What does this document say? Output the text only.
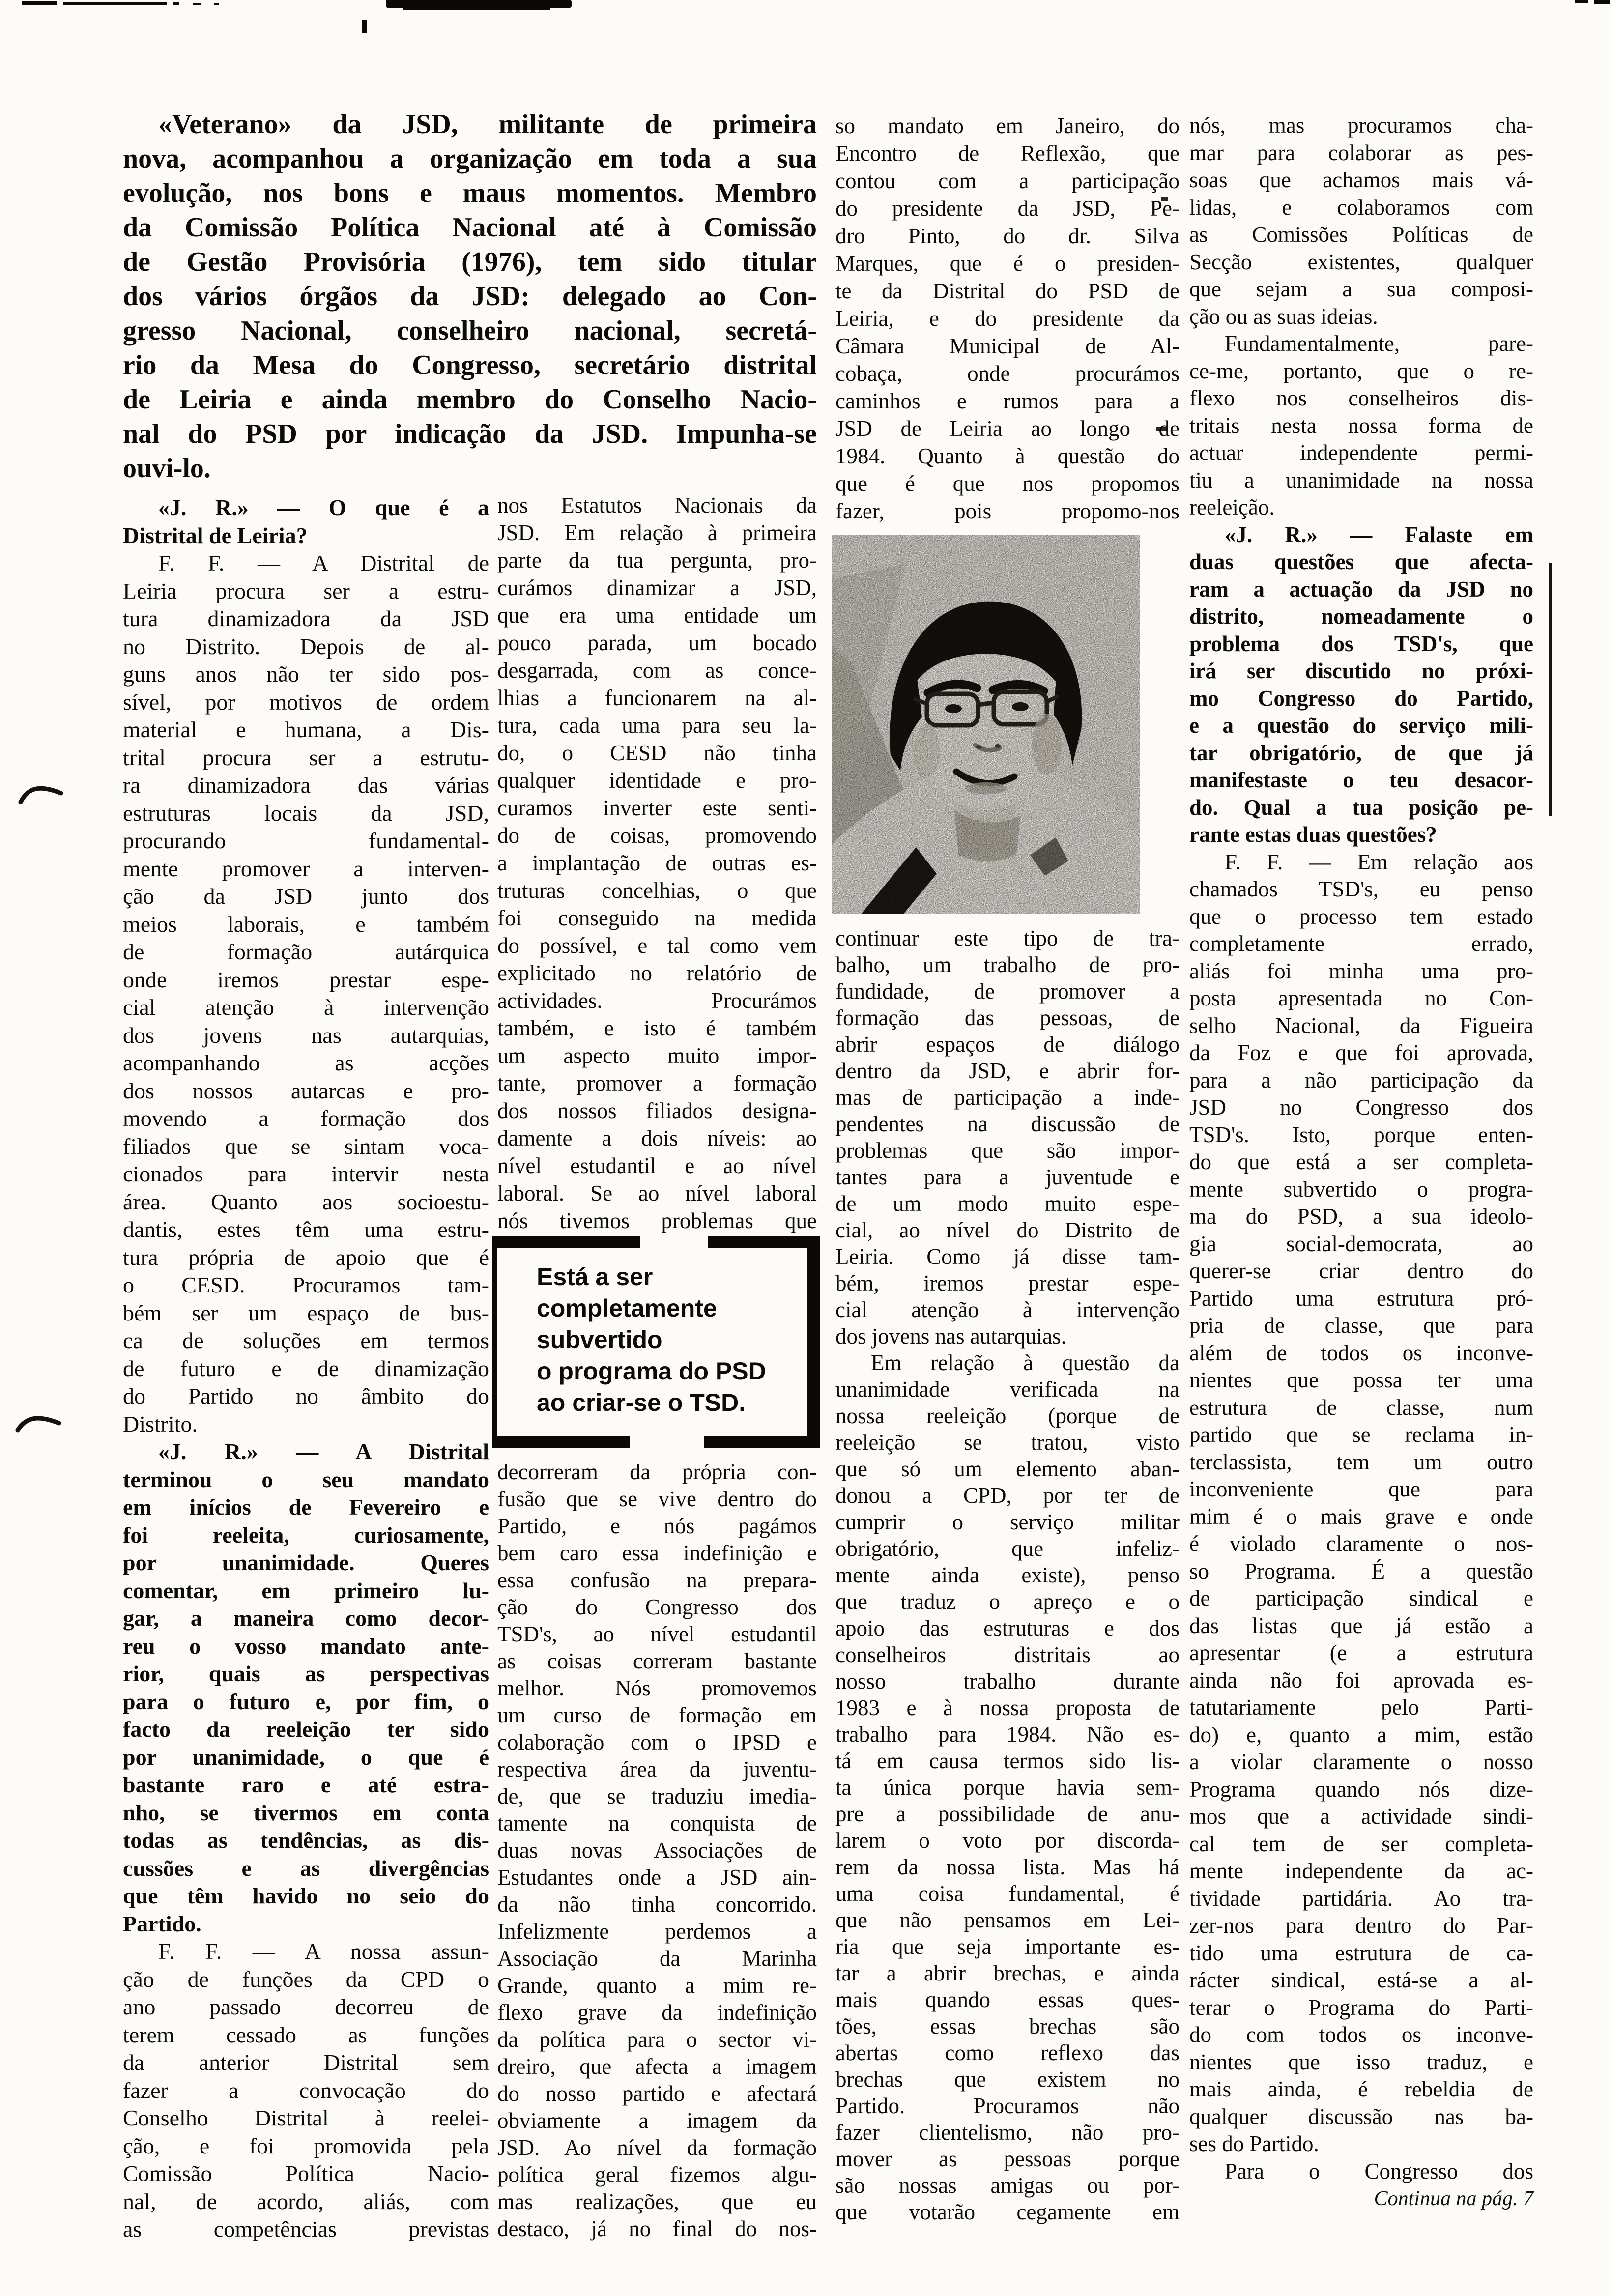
«Veterano» da JSD, militante de primeira
nova, acompanhou a organização em toda a sua
evolução, nos bons e maus momentos. Membro
da Comissão Política Nacional até à Comissão
de Gestão Provisória (1976), tem sido titular
dos vários órgãos da JSD: delegado ao Con-
gresso Nacional, conselheiro nacional, secretá-
rio da Mesa do Congresso, secretário distrital
de Leiria e ainda membro do Conselho Nacio-
nal do PSD por indicação da JSD. Impunha-se
ouvi-lo.
«J. R.» — O que é a
Distrital de Leiria?
F. F. — A Distrital de
Leiria procura ser a estru-
tura dinamizadora da JSD
no Distrito. Depois de al-
guns anos não ter sido pos-
sível, por motivos de ordem
material e humana, a Dis-
trital procura ser a estrutu-
ra dinamizadora das várias
estruturas locais da JSD,
procurando fundamental-
mente promover a interven-
ção da JSD junto dos
meios laborais, e também
de formação autárquica
onde iremos prestar espe-
cial atenção à intervenção
dos jovens nas autarquias,
acompanhando as acções
dos nossos autarcas e pro-
movendo a formação dos
filiados que se sintam voca-
cionados para intervir nesta
área. Quanto aos socioestu-
dantis, estes têm uma estru-
tura própria de apoio que é
o CESD. Procuramos tam-
bém ser um espaço de bus-
ca de soluções em termos
de futuro e de dinamização
do Partido no âmbito do
Distrito.
«J. R.» — A Distrital
terminou o seu mandato
em inícios de Fevereiro e
foi reeleita, curiosamente,
por unanimidade. Queres
comentar, em primeiro lu-
gar, a maneira como decor-
reu o vosso mandato ante-
rior, quais as perspectivas
para o futuro e, por fim, o
facto da reeleição ter sido
por unanimidade, o que é
bastante raro e até estra-
nho, se tivermos em conta
todas as tendências, as dis-
cussões e as divergências
que têm havido no seio do
Partido.
F. F. — A nossa assun-
ção de funções da CPD o
ano passado decorreu de
terem cessado as funções
da anterior Distrital sem
fazer a convocação do
Conselho Distrital à reelei-
ção, e foi promovida pela
Comissão Política Nacio-
nal, de acordo, aliás, com
as competências previstas
nos Estatutos Nacionais da
JSD. Em relação à primeira
parte da tua pergunta, pro-
curámos dinamizar a JSD,
que era uma entidade um
pouco parada, um bocado
desgarrada, com as conce-
lhias a funcionarem na al-
tura, cada uma para seu la-
do, o CESD não tinha
qualquer identidade e pro-
curamos inverter este senti-
do de coisas, promovendo
a implantação de outras es-
truturas concelhias, o que
foi conseguido na medida
do possível, e tal como vem
explicitado no relatório de
actividades. Procurámos
também, e isto é também
um aspecto muito impor-
tante, promover a formação
dos nossos filiados designa-
damente a dois níveis: ao
nível estudantil e ao nível
laboral. Se ao nível laboral
nós tivemos problemas que
Está a ser
completamente
subvertido
o programa do PSD
ao criar-se o TSD.
decorreram da própria con-
fusão que se vive dentro do
Partido, e nós pagámos
bem caro essa indefinição e
essa confusão na prepara-
ção do Congresso dos
TSD's, ao nível estudantil
as coisas correram bastante
melhor. Nós promovemos
um curso de formação em
colaboração com o IPSD e
respectiva área da juventu-
de, que se traduziu imedia-
tamente na conquista de
duas novas Associações de
Estudantes onde a JSD ain-
da não tinha concorrido.
Infelizmente perdemos a
Associação da Marinha
Grande, quanto a mim re-
flexo grave da indefinição
da política para o sector vi-
dreiro, que afecta a imagem
do nosso partido e afectará
obviamente a imagem da
JSD. Ao nível da formação
política geral fizemos algu-
mas realizações, que eu
destaco, já no final do nos-
so mandato em Janeiro, do
Encontro de Reflexão, que
contou com a participação
do presidente da JSD, Pe-
dro Pinto, do dr. Silva
Marques, que é o presiden-
te da Distrital do PSD de
Leiria, e do presidente da
Câmara Municipal de Al-
cobaça, onde procurámos
caminhos e rumos para a
JSD de Leiria ao longo de
1984. Quanto à questão do
que é que nos propomos
fazer, pois propomo-nos
continuar este tipo de tra-
balho, um trabalho de pro-
fundidade, de promover a
formação das pessoas, de
abrir espaços de diálogo
dentro da JSD, e abrir for-
mas de participação a inde-
pendentes na discussão de
problemas que são impor-
tantes para a juventude e
de um modo muito espe-
cial, ao nível do Distrito de
Leiria. Como já disse tam-
bém, iremos prestar espe-
cial atenção à intervenção
dos jovens nas autarquias.
Em relação à questão da
unanimidade verificada na
nossa reeleição (porque de
reeleição se tratou, visto
que só um elemento aban-
donou a CPD, por ter de
cumprir o serviço militar
obrigatório, que infeliz-
mente ainda existe), penso
que traduz o apreço e o
apoio das estruturas e dos
conselheiros distritais ao
nosso trabalho durante
1983 e à nossa proposta de
trabalho para 1984. Não es-
tá em causa termos sido lis-
ta única porque havia sem-
pre a possibilidade de anu-
larem o voto por discorda-
rem da nossa lista. Mas há
uma coisa fundamental, é
que não pensamos em Lei-
ria que seja importante es-
tar a abrir brechas, e ainda
mais quando essas ques-
tões, essas brechas são
abertas como reflexo das
brechas que existem no
Partido. Procuramos não
fazer clientelismo, não pro-
mover as pessoas porque
são nossas amigas ou por-
que votarão cegamente em
nós, mas procuramos cha-
mar para colaborar as pes-
soas que achamos mais vá-
lidas, e colaboramos com
as Comissões Políticas de
Secção existentes, qualquer
que sejam a sua composi-
ção ou as suas ideias.
Fundamentalmente, pare-
ce-me, portanto, que o re-
flexo nos conselheiros dis-
tritais nesta nossa forma de
actuar independente permi-
tiu a unanimidade na nossa
reeleição.
«J. R.» — Falaste em
duas questões que afecta-
ram a actuação da JSD no
distrito, nomeadamente o
problema dos TSD's, que
irá ser discutido no próxi-
mo Congresso do Partido,
e a questão do serviço mili-
tar obrigatório, de que já
manifestaste o teu desacor-
do. Qual a tua posição pe-
rante estas duas questões?
F. F. — Em relação aos
chamados TSD's, eu penso
que o processo tem estado
completamente errado,
aliás foi minha uma pro-
posta apresentada no Con-
selho Nacional, da Figueira
da Foz e que foi aprovada,
para a não participação da
JSD no Congresso dos
TSD's. Isto, porque enten-
do que está a ser completa-
mente subvertido o progra-
ma do PSD, a sua ideolo-
gia social-democrata, ao
querer-se criar dentro do
Partido uma estrutura pró-
pria de classe, que para
além de todos os inconve-
nientes que possa ter uma
estrutura de classe, num
partido que se reclama in-
terclassista, tem um outro
inconveniente que para
mim é o mais grave e onde
é violado claramente o nos-
so Programa. É a questão
de participação sindical e
das listas que já estão a
apresentar (e a estrutura
ainda não foi aprovada es-
tatutariamente pelo Parti-
do) e, quanto a mim, estão
a violar claramente o nosso
Programa quando nós dize-
mos que a actividade sindi-
cal tem de ser completa-
mente independente da ac-
tividade partidária. Ao tra-
zer-nos para dentro do Par-
tido uma estrutura de ca-
rácter sindical, está-se a al-
terar o Programa do Parti-
do com todos os inconve-
nientes que isso traduz, e
mais ainda, é rebeldia de
qualquer discussão nas ba-
ses do Partido.
Para o Congresso dos
Continua na pág. 7
